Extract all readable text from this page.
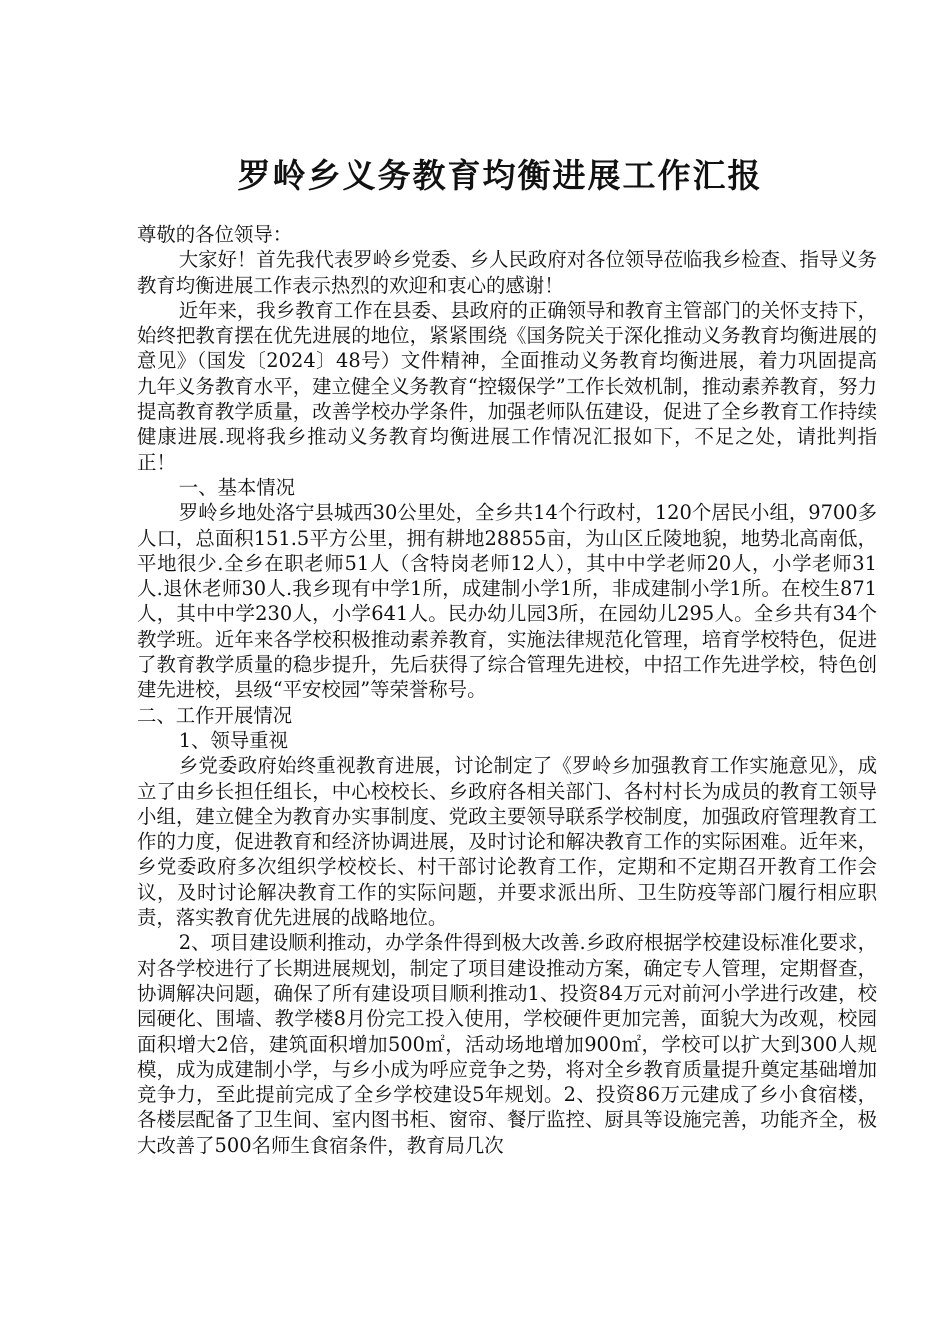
罗岭乡义务教育均衡进展工作汇报

尊敬的各位领导：

大家好！首先我代表罗岭乡党委、乡人民政府对各位领导莅临我乡检查、指导义务教育均衡进展工作表示热烈的欢迎和衷心的感谢！

近年来，我乡教育工作在县委、县政府的正确领导和教育主管部门的关怀支持下，始终把教育摆在优先进展的地位，紧紧围绕《国务院关于深化推动义务教育均衡进展的意见》（国发〔2024〕48号）文件精神，全面推动义务教育均衡进展，着力巩固提高九年义务教育水平，建立健全义务教育“控辍保学”工作长效机制，推动素养教育，努力提高教育教学质量，改善学校办学条件，加强老师队伍建设，促进了全乡教育工作持续健康进展.现将我乡推动义务教育均衡进展工作情况汇报如下，不足之处，请批判指正！

一、基本情况

罗岭乡地处洛宁县城西30公里处，全乡共14个行政村，120个居民小组，9700多人口，总面积151.5平方公里，拥有耕地28855亩，为山区丘陵地貌，地势北高南低，平地很少.全乡在职老师51人（含特岗老师12人），其中中学老师20人，小学老师31人.退休老师30人.我乡现有中学1所，成建制小学1所，非成建制小学1所。在校生871人，其中中学230人，小学641人。民办幼儿园3所，在园幼儿295人。全乡共有34个教学班。近年来各学校积极推动素养教育，实施法律规范化管理，培育学校特色，促进了教育教学质量的稳步提升，先后获得了综合管理先进校，中招工作先进学校，特色创建先进校，县级“平安校园”等荣誉称号。

二、工作开展情况

1、领导重视

乡党委政府始终重视教育进展，讨论制定了《罗岭乡加强教育工作实施意见》，成立了由乡长担任组长，中心校校长、乡政府各相关部门、各村村长为成员的教育工领导小组，建立健全为教育办实事制度、党政主要领导联系学校制度，加强政府管理教育工作的力度，促进教育和经济协调进展，及时讨论和解决教育工作的实际困难。近年来，乡党委政府多次组织学校校长、村干部讨论教育工作，定期和不定期召开教育工作会议，及时讨论解决教育工作的实际问题，并要求派出所、卫生防疫等部门履行相应职责，落实教育优先进展的战略地位。

2、项目建设顺利推动，办学条件得到极大改善.乡政府根据学校建设标准化要求，对各学校进行了长期进展规划，制定了项目建设推动方案，确定专人管理，定期督查，协调解决问题，确保了所有建设项目顺利推动1、投资84万元对前河小学进行改建，校园硬化、围墙、教学楼8月份完工投入使用，学校硬件更加完善，面貌大为改观，校园面积增大2倍，建筑面积增加500㎡，活动场地增加900㎡，学校可以扩大到300人规模，成为成建制小学，与乡小成为呼应竞争之势，将对全乡教育质量提升奠定基础增加竞争力，至此提前完成了全乡学校建设5年规划。2、投资86万元建成了乡小食宿楼，各楼层配备了卫生间、室内图书柜、窗帘、餐厅监控、厨具等设施完善，功能齐全，极大改善了500名师生食宿条件，教育局几次
